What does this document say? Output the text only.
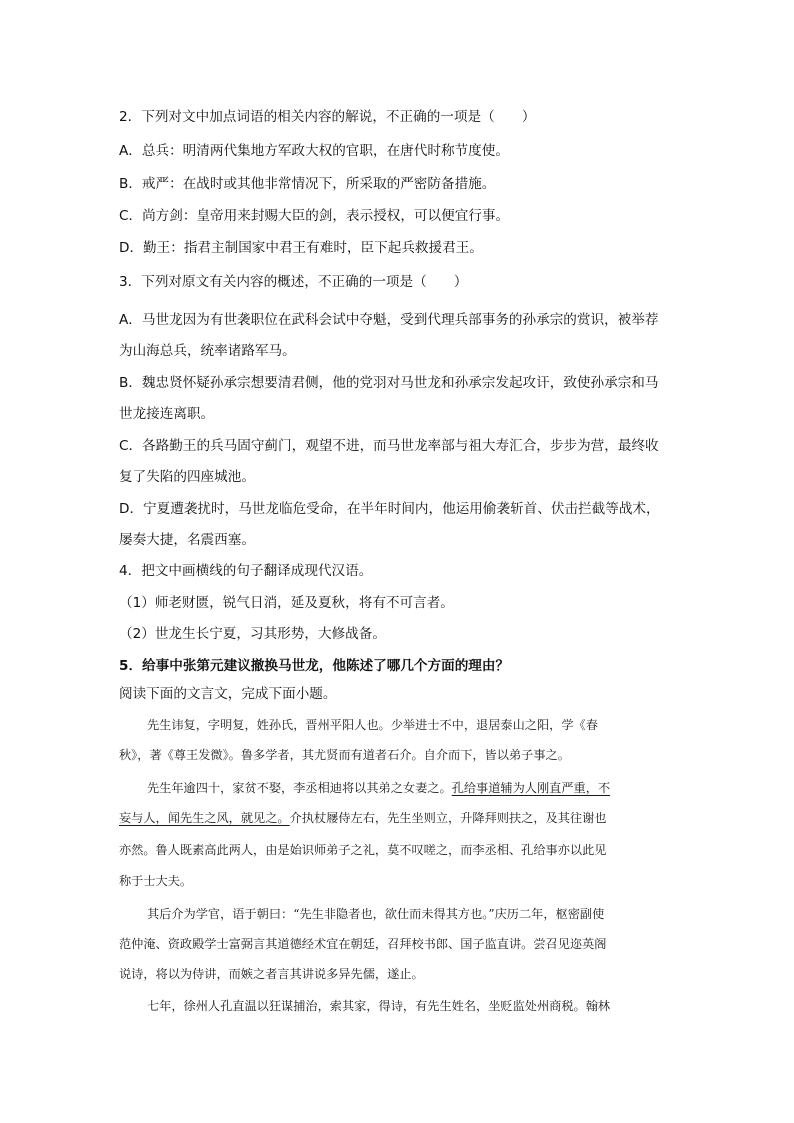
2．下列对文中加点词语的相关内容的解说，不正确的一项是（　　）
A．总兵：明清两代集地方军政大权的官职，在唐代时称节度使。
B．戒严：在战时或其他非常情况下，所采取的严密防备措施。
C．尚方剑：皇帝用来封赐大臣的剑，表示授权，可以便宜行事。
D．勤王：指君主制国家中君王有难时，臣下起兵救援君王。
3．下列对原文有关内容的概述，不正确的一项是（　　）
A．马世龙因为有世袭职位在武科会试中夺魁，受到代理兵部事务的孙承宗的赏识，被举荐
为山海总兵，统率诸路军马。
B．魏忠贤怀疑孙承宗想要清君侧，他的党羽对马世龙和孙承宗发起攻讦，致使孙承宗和马
世龙接连离职。
C．各路勤王的兵马固守蓟门，观望不进，而马世龙率部与祖大寿汇合，步步为营，最终收
复了失陷的四座城池。
D．宁夏遭袭扰时，马世龙临危受命，在半年时间内，他运用偷袭斩首、伏击拦截等战术，
屡奏大捷，名震西塞。
4．把文中画横线的句子翻译成现代汉语。
（1）师老财匮，锐气日消，延及夏秋，将有不可言者。
（2）世龙生长宁夏，习其形势，大修战备。
5．给事中张第元建议撤换马世龙，他陈述了哪几个方面的理由？
阅读下面的文言文，完成下面小题。
先生讳复，字明复，姓孙氏，晋州平阳人也。少举进士不中，退居泰山之阳，学《春
秋》，著《尊王发微》。鲁多学者，其尤贤而有道者石介。自介而下，皆以弟子事之。
先生年逾四十，家贫不娶，李丞相迪将以其弟之女妻之。孔给事道辅为人刚直严重，不
妄与人，闻先生之风，就见之。介执杖屦侍左右，先生坐则立，升降拜则扶之，及其往谢也
亦然。鲁人既素高此两人，由是始识师弟子之礼，莫不叹嗟之，而李丞相、孔给事亦以此见
称于士大夫。
其后介为学官，语于朝曰：“先生非隐者也，欲仕而未得其方也。”庆历二年，枢密副使
范仲淹、资政殿学士富弼言其道德经术宜在朝廷，召拜校书郎、国子监直讲。尝召见迩英阁
说诗，将以为侍讲，而嫉之者言其讲说多异先儒，遂止。
七年，徐州人孔直温以狂谋捕治，索其家，得诗，有先生姓名，坐贬监处州商税。翰林
